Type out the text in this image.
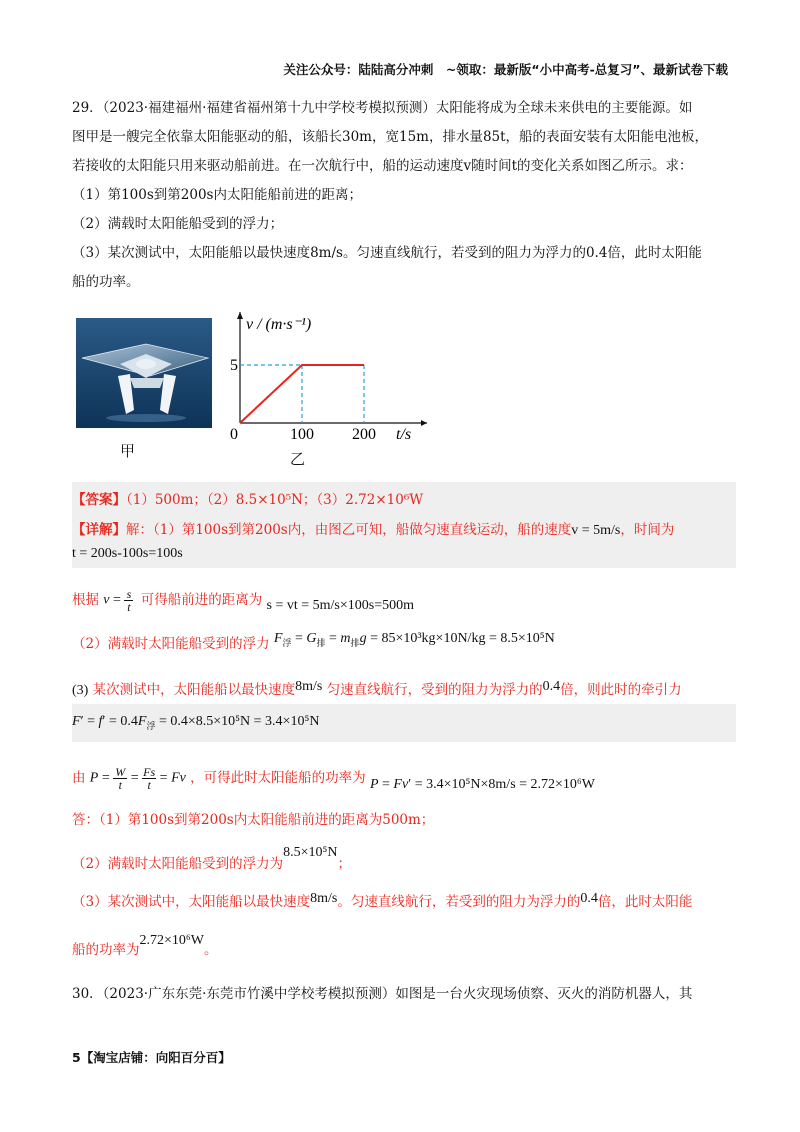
关注公众号：陆陆高分冲刺　~领取：最新版“小中高考-总复习”、最新试卷下载

29．（2023·福建福州·福建省福州第十九中学校考模拟预测）太阳能将成为全球未来供电的主要能源。如

图甲是一艘完全依靠太阳能驱动的船，该船长30m，宽15m，排水量85t，船的表面安装有太阳能电池板，

若接收的太阳能只用来驱动船前进。在一次航行中，船的运动速度v随时间t的变化关系如图乙所示。求：

（1）第100s到第200s内太阳能船前进的距离；

（2）满载时太阳能船受到的浮力；

（3）某次测试中，太阳能船以最快速度8m/s。匀速直线航行，若受到的阻力为浮力的0.4倍，此时太阳能

船的功率。

甲
v / (m·s⁻¹)
t/s
0	100 200
5
乙
【答案】（1）500m；（2）8.5×10⁵N；（3）2.72×10⁶W
【详解】解：（1）第100s到第200s内，由图乙可知，船做匀速直线运动，船的速度v = 5m/s，时间为
t = 200s-100s=100s
根据 $v = \frac{s}{t}$ 可得船前进的距离为 s = vt = 5m/s×100s=500m
（2）满载时太阳能船受到的浮力 $F_浮 = G_排 = m_排g = 85\times 10^3kg\times 10N/kg = 8.5\times 10^5N$
(3) 某次测试中，太阳能船以最快速度8m/s 匀速直线航行，受到的阻力为浮力的0.4倍，则此时的牵引力
$F' = f' = 0.4F_浮 = 0.4\times 8.5\times 10^5N = 3.4\times 10^5N$
由 $P = \frac{W}{t} = \frac{Fs}{t} = Fv$ ，可得此时太阳能船的功率为 P = Fv′ = 3.4×10⁵N×8m/s = 2.72×10⁶W
答：（1）第100s到第200s内太阳能船前进的距离为500m；
（2）满载时太阳能船受到的浮力为8.5×10⁵N；
（3）某次测试中，太阳能船以最快速度8m/s。匀速直线航行，若受到的阻力为浮力的0.4倍，此时太阳能
船的功率为2.72×10⁶W。
30．（2023·广东东莞·东莞市竹溪中学校考模拟预测）如图是一台火灾现场侦察、灭火的消防机器人，其
5【淘宝店铺：向阳百分百】
